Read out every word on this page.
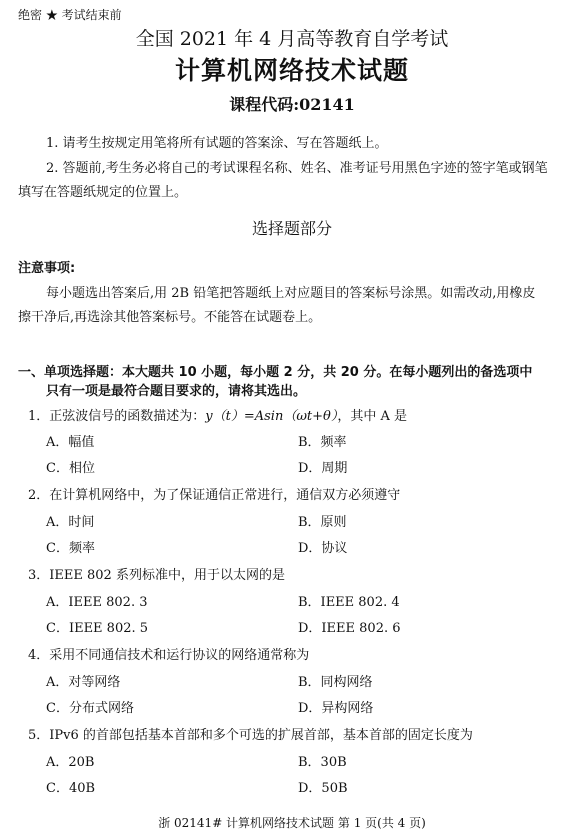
绝密 ★ 考试结束前
全国 2021 年 4 月高等教育自学考试
计算机网络技术试题
课程代码:02141
1. 请考生按规定用笔将所有试题的答案涂、写在答题纸上。
2. 答题前,考生务必将自己的考试课程名称、姓名、准考证号用黑色字迹的签字笔或钢笔
填写在答题纸规定的位置上。
选择题部分
注意事项:
每小题选出答案后,用 2B 铅笔把答题纸上对应题目的答案标号涂黑。如需改动,用橡皮
擦干净后,再选涂其他答案标号。不能答在试题卷上。
一、单项选择题：本大题共 10 小题，每小题 2 分，共 20 分。在每小题列出的备选项中
只有一项是最符合题目要求的，请将其选出。
1．正弦波信号的函数描述为：y（t）=Asin（ωt+θ），其中 A 是
A．幅值	B．频率
C．相位	D．周期
2．在计算机网络中，为了保证通信正常进行，通信双方必须遵守
A．时间	B．原则
C．频率	D．协议
3．IEEE 802 系列标准中，用于以太网的是
A．IEEE 802. 3	B．IEEE 802. 4
C．IEEE 802. 5	D．IEEE 802. 6
4．采用不同通信技术和运行协议的网络通常称为
A．对等网络	B．同构网络
C．分布式网络	D．异构网络
5．IPv6 的首部包括基本首部和多个可选的扩展首部，基本首部的固定长度为
A．20B	B．30B
C．40B	D．50B
浙 02141# 计算机网络技术试题 第 1 页(共 4 页)
